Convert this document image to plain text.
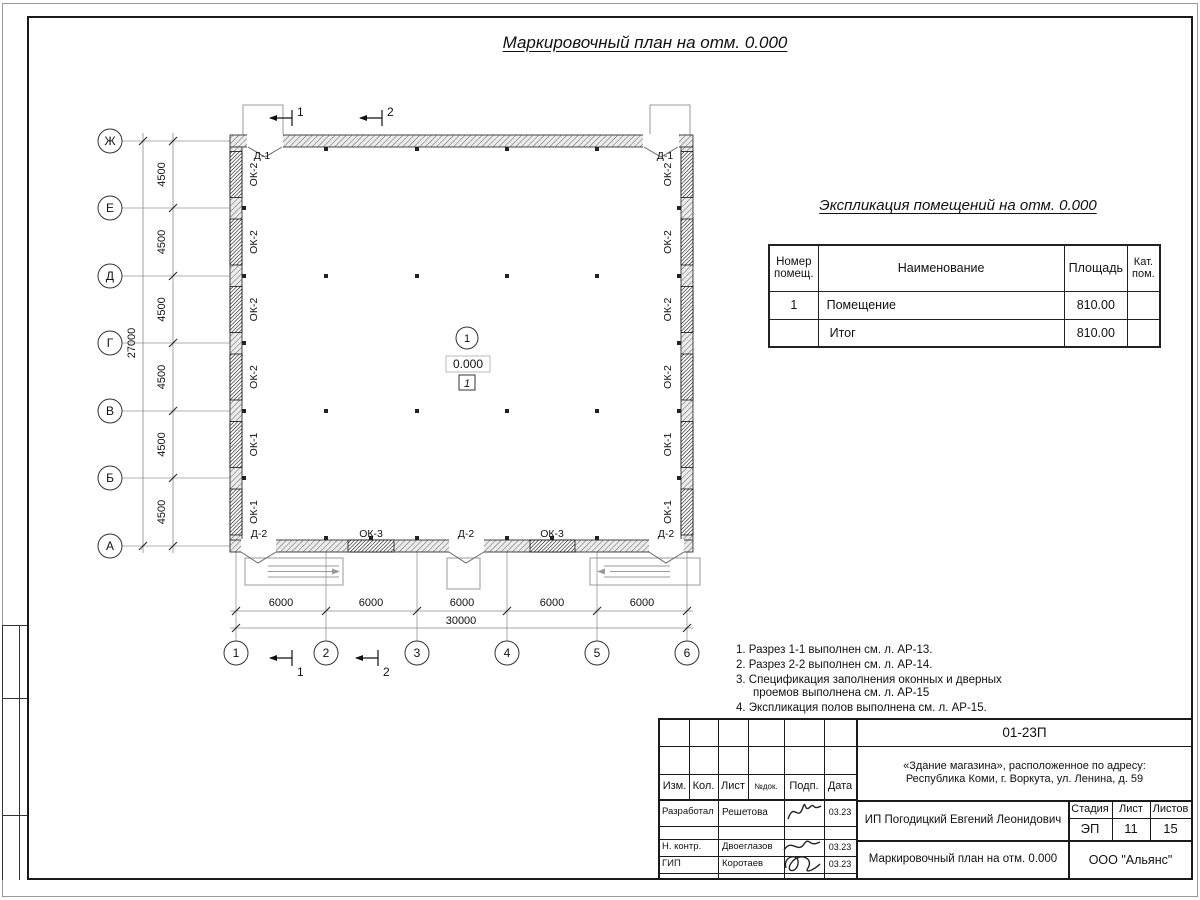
Маркировочный план на отм. 0.000
4500
4500
4500
4500
4500
4500
27000
6000	6000	6000	6000	6000
30000
ОК-2
ОК-2
ОК-2
ОК-2
ОК-1
ОК-1
ОК-2
ОК-2
ОК-2
ОК-2
ОК-1
ОК-1
Д-1	Д-1
Д-2	ОК-3	Д-2	ОК-3	Д-2
1	2
1	2
1
0.000
1
Ж
Е
Д
Г
В
Б
А
1	2	3	4	5	6
Экспликация помещений на отм. 0.000
Номер
помещ.	Наименование	Площадь	Кат.
пом.

1	Помещение	810.00	
	Итог	810.00	
1. Разрез 1-1 выполнен см. л. АР-13.
2. Разрез 2-2 выполнен см. л. АР-14.
3. Спецификация заполнения оконных и дверных проемов выполнена см. л. АР-15
4. Экспликация полов выполнена см. л. АР-15.
Изм. Кол. Лист	№док.	Подп. Дата
Разработал Решетова	03.23
Н. контр.	Двоеглазов	03.23
ГИП	Коротаев	03.23
01-23П
«Здание магазина», расположенное по адресу:
Республика Коми, г. Воркута, ул. Ленина, д. 59
ИП Погодицкий Евгений Леонидович
Стадия Лист Листов
ЭП	11	15
Маркировочный план на отм. 0.000	ООО "Альянс"
